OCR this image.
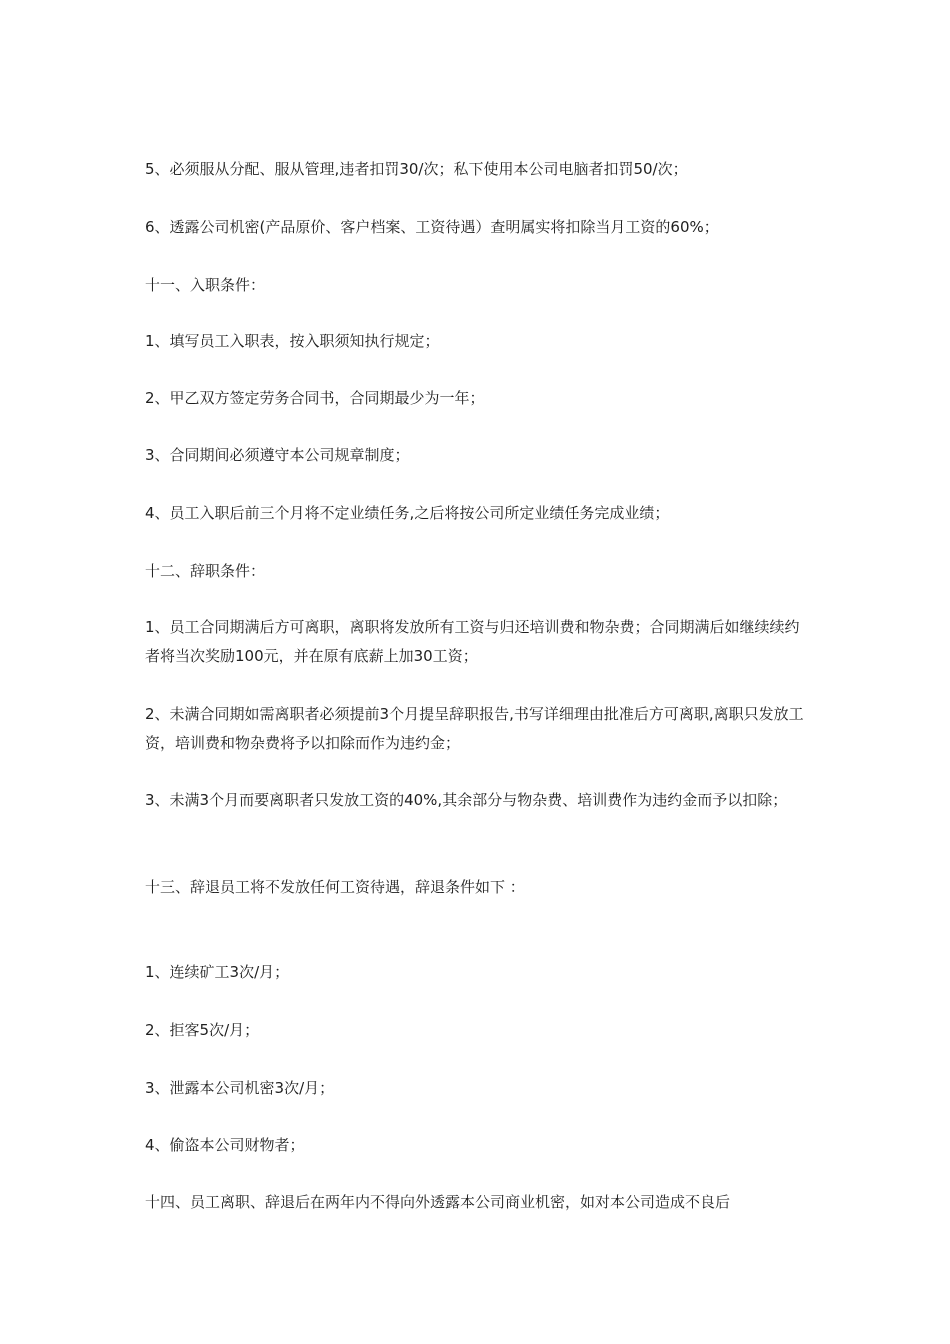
5、必须服从分配、服从管理,违者扣罚30/次；私下使用本公司电脑者扣罚50/次；

6、透露公司机密(产品原价、客户档案、工资待遇）查明属实将扣除当月工资的60%；

十一、入职条件：

1、填写员工入职表，按入职须知执行规定；

2、甲乙双方签定劳务合同书，合同期最少为一年；

3、合同期间必须遵守本公司规章制度；

4、员工入职后前三个月将不定业绩任务,之后将按公司所定业绩任务完成业绩；

十二、辞职条件：

1、员工合同期满后方可离职，离职将发放所有工资与归还培训费和物杂费；合同期满后如继续续约者将当次奖励100元，并在原有底薪上加30工资；

2、未满合同期如需离职者必须提前3个月提呈辞职报告,书写详细理由批准后方可离职,离职只发放工资，培训费和物杂费将予以扣除而作为违约金；

3、未满3个月而要离职者只发放工资的40%,其余部分与物杂费、培训费作为违约金而予以扣除；

十三、辞退员工将不发放任何工资待遇，辞退条件如下 ：

1、连续矿工3次/月；

2、拒客5次/月；

3、泄露本公司机密3次/月；

4、偷盗本公司财物者；

十四、员工离职、辞退后在两年内不得向外透露本公司商业机密，如对本公司造成不良后
